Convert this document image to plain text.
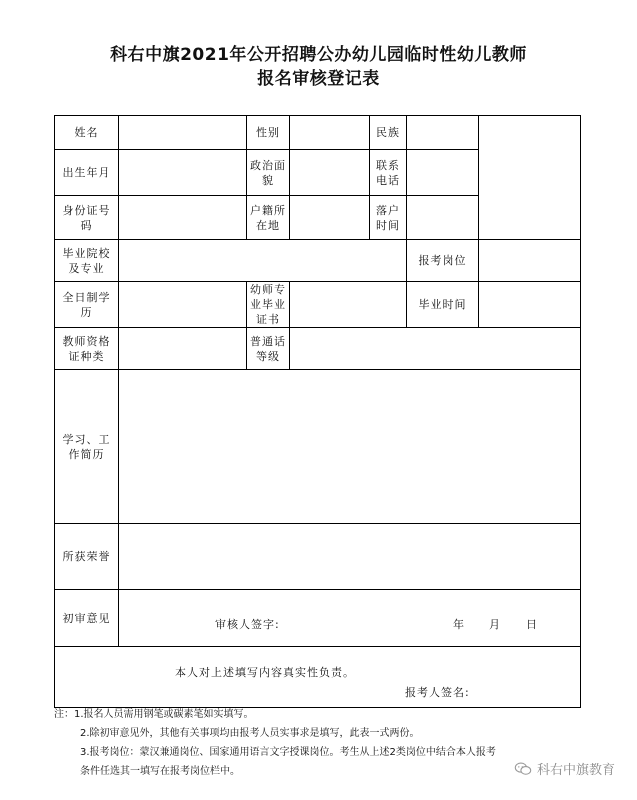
科右中旗2021年公开招聘公办幼儿园临时性幼儿教师
报名审核登记表
姓名		性别		民族		
出生年月		政治面貌		联系电话		
身份证号码		户籍所在地		落户时间		
毕业院校及专业					报考岗位	
全日制学历		幼师专业毕业证书			毕业时间	
教师资格证种类		普通话等级				
学习、工作简历						
所获荣誉						
初审意见	审核人签字: 年 月 日					

本人对上述填写内容真实性负责。
报考人签名:						
注：1.报名人员需用钢笔或碳素笔如实填写。
2.除初审意见外，其他有关事项均由报考人员实事求是填写，此表一式两份。
3.报考岗位：蒙汉兼通岗位、国家通用语言文字授课岗位。考生从上述2类岗位中结合本人报考
条件任选其一填写在报考岗位栏中。	科右中旗教育
